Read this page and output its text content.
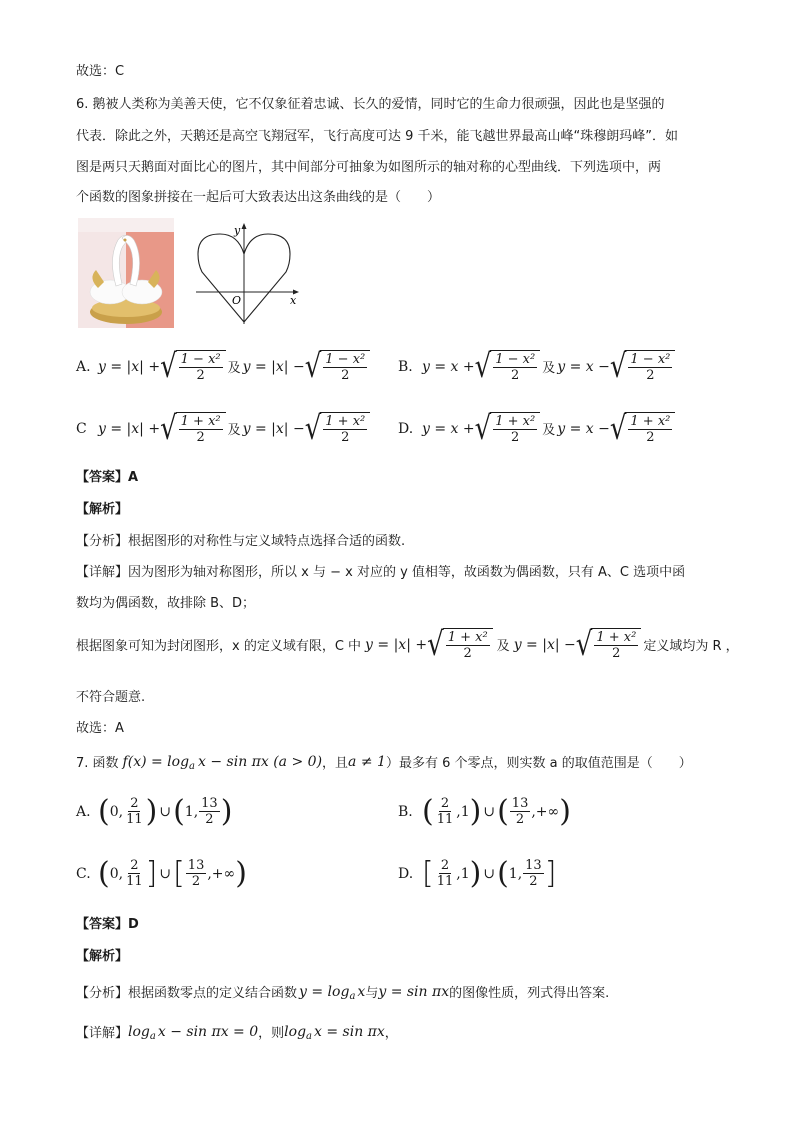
故选：C
6. 鹅被人类称为美善天使，它不仅象征着忠诚、长久的爱情，同时它的生命力很顽强，因此也是坚强的
代表．除此之外，天鹅还是高空飞翔冠军，飞行高度可达 9 千米，能飞越世界最高山峰“珠穆朗玛峰”．如
图是两只天鹅面对面比心的图片，其中间部分可抽象为如图所示的轴对称的心型曲线．下列选项中，两
个函数的图象拼接在一起后可大致表达出这条曲线的是（　　）
y
x
O
A. y = |x| + √ $\frac{\text{1 − x²}}{2}$ 及 y = |x| − √ $\frac{\text{1 − x²}}{2} B$. y = x + √ $\frac{\text{1 − x²}}{2}$ 及 y = x − √ $\frac{\text{1 − x²}}{2}$
C y = |x| + √ $\frac{\text{1 + x²}}{2}$ 及 y = |x| − √ $\frac{\text{1 + x²}}{2} D$. y = x + √ $\frac{\text{1 + x²}}{2}$ 及 y = x − √ $\frac{\text{1 + x²}}{2}$
【答案】A
【解析】
【分析】根据图形的对称性与定义域特点选择合适的函数.
【详解】因为图形为轴对称图形，所以 x 与 − x 对应的 y 值相等，故函数为偶函数，只有 A、C 选项中函
数均为偶函数，故排除 B、D；
根据图象可知为封闭图形，x 的定义域有限，C 中 y = |x| + √ $\frac{\text{1 + x²}}{2}$ 及 y = |x| − √ $\frac{\text{1 + x²}}{2}$ 定义域均为 R ，
不符合题意.
故选：A
7. 函数 f(x) = log a x − sin πx (a > 0) ，且 a ≠ 1 ）最多有 6 个零点，则实数 a 的取值范围是（　　）
A. ( 0, $\frac{2}{11}$ ) ∪ ( 1, $\frac{13}{2}$ )	B. ( $\frac{2}{11} ,1$ ) ∪ ( $\frac{13}{2}$ ,+∞ )
C. ( 0, $\frac{2}{11}$ ] ∪ [ $\frac{13}{2}$ ,+∞ )	D. [ $\frac{2}{11} ,1$ ) ∪ ( 1, $\frac{13}{2}$ ]
【答案】D
【解析】
【分析】根据函数零点的定义结合函数 y = log a x 与 y = sin πx 的图像性质，列式得出答案.
【详解】 log a x − sin πx = 0 ，则 log a x = sin πx ，
